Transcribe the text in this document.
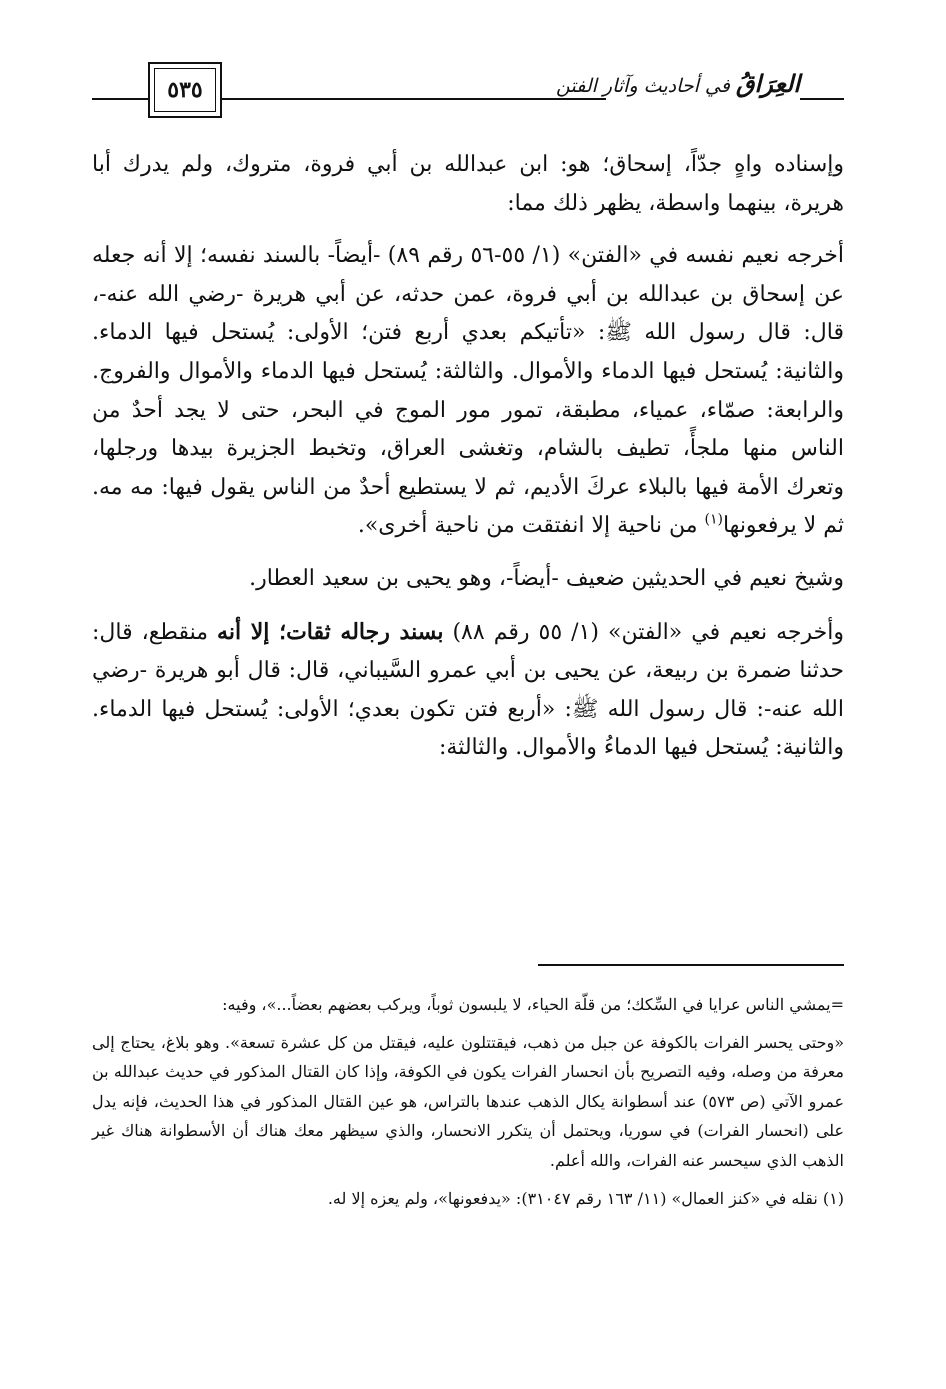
٥٣٥	العِرَاقُ في أحاديث وآثار الفتن

وإسناده واهٍ جدّاً، إسحاق؛ هو: ابن عبدالله بن أبي فروة، متروك، ولم يدرك أبا هريرة، بينهما واسطة، يظهر ذلك مما:

أخرجه نعيم نفسه في «الفتن» (١/ ٥٥-٥٦ رقم ٨٩) -أيضاً- بالسند نفسه؛ إلا أنه جعله عن إسحاق بن عبدالله بن أبي فروة، عمن حدثه، عن أبي هريرة -رضي الله عنه-، قال: قال رسول الله ﷺ: «تأتيكم بعدي أربع فتن؛ الأولى: يُستحل فيها الدماء. والثانية: يُستحل فيها الدماء والأموال. والثالثة: يُستحل فيها الدماء والأموال والفروج. والرابعة: صمّاء، عمياء، مطبقة، تمور مور الموج في البحر، حتى لا يجد أحدٌ من الناس منها ملجأً، تطيف بالشام، وتغشى العراق، وتخبط الجزيرة بيدها ورجلها، وتعرك الأمة فيها بالبلاء عركَ الأديم، ثم لا يستطيع أحدٌ من الناس يقول فيها: مه مه. ثم لا يرفعونها$^{(١)}$ من ناحية إلا انفتقت من ناحية أخرى».

وشيخ نعيم في الحديثين ضعيف -أيضاً-، وهو يحيى بن سعيد العطار.

وأخرجه نعيم في «الفتن» (١/ ٥٥ رقم ٨٨) بسند رجاله ثقات؛ إلا أنه منقطع، قال: حدثنا ضمرة بن ربيعة، عن يحيى بن أبي عمرو السَّيباني، قال: قال أبو هريرة -رضي الله عنه-: قال رسول الله ﷺ: «أربع فتن تكون بعدي؛ الأولى: يُستحل فيها الدماء. والثانية: يُستحل فيها الدماءُ والأموال. والثالثة:

=يمشي الناس عرايا في السِّكك؛ من قلّة الحياء، لا يلبسون ثوباً، ويركب بعضهم بعضاً...»، وفيه:

«وحتى يحسر الفرات بالكوفة عن جبل من ذهب، فيقتتلون عليه، فيقتل من كل عشرة تسعة». وهو بلاغ، يحتاج إلى معرفة من وصله، وفيه التصريح بأن انحسار الفرات يكون في الكوفة، وإذا كان القتال المذكور في حديث عبدالله بن عمرو الآتي (ص ٥٧٣) عند أسطوانة يكال الذهب عندها بالتراس، هو عين القتال المذكور في هذا الحديث، فإنه يدل على (انحسار الفرات) في سوريا، ويحتمل أن يتكرر الانحسار، والذي سيظهر معك هناك أن الأسطوانة هناك غير الذهب الذي سيحسر عنه الفرات، والله أعلم.

(١) نقله في «كنز العمال» (١١/ ١٦٣ رقم ٣١٠٤٧): «يدفعونها»، ولم يعزه إلا له.
